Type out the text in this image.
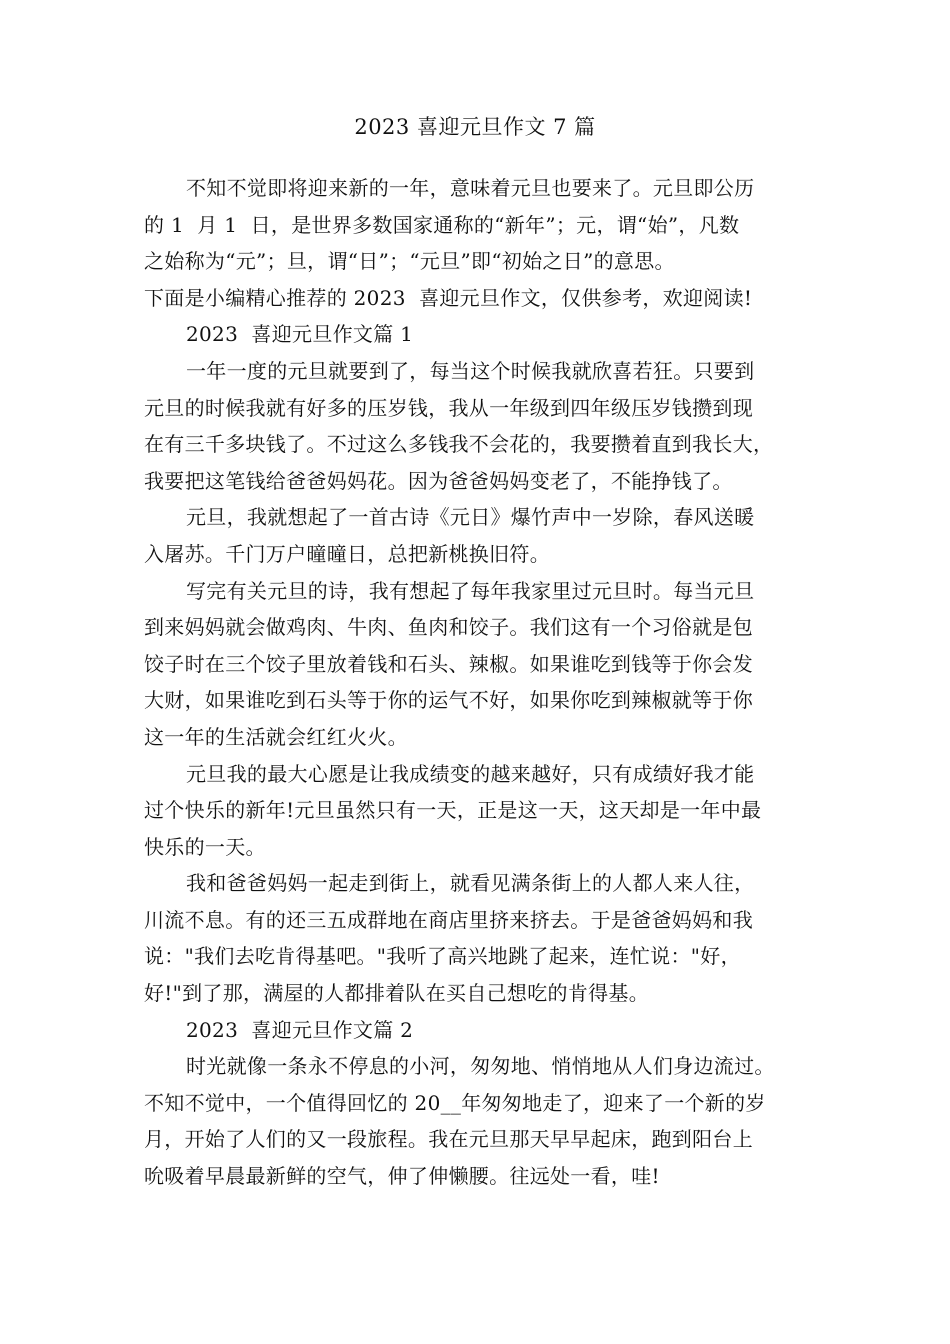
2023 喜迎元旦作文 7 篇
不知不觉即将迎来新的一年，意味着元旦也要来了。元旦即公历
的 1  月 1  日，是世界多数国家通称的“新年”；元，谓“始”，凡数
之始称为“元”；旦，谓“日”；“元旦”即“初始之日”的意思。
下面是小编精心推荐的 2023  喜迎元旦作文，仅供参考，欢迎阅读!
2023  喜迎元旦作文篇 1
一年一度的元旦就要到了，每当这个时候我就欣喜若狂。只要到
元旦的时候我就有好多的压岁钱，我从一年级到四年级压岁钱攒到现
在有三千多块钱了。不过这么多钱我不会花的，我要攒着直到我长大，
我要把这笔钱给爸爸妈妈花。因为爸爸妈妈变老了，不能挣钱了。
元旦，我就想起了一首古诗《元日》爆竹声中一岁除，春风送暖
入屠苏。千门万户曈曈日，总把新桃换旧符。
写完有关元旦的诗，我有想起了每年我家里过元旦时。每当元旦
到来妈妈就会做鸡肉、牛肉、鱼肉和饺子。我们这有一个习俗就是包
饺子时在三个饺子里放着钱和石头、辣椒。如果谁吃到钱等于你会发
大财，如果谁吃到石头等于你的运气不好，如果你吃到辣椒就等于你
这一年的生活就会红红火火。
元旦我的最大心愿是让我成绩变的越来越好，只有成绩好我才能
过个快乐的新年!元旦虽然只有一天，正是这一天，这天却是一年中最
快乐的一天。
我和爸爸妈妈一起走到街上，就看见满条街上的人都人来人往，
川流不息。有的还三五成群地在商店里挤来挤去。于是爸爸妈妈和我
说："我们去吃肯得基吧。"我听了高兴地跳了起来，连忙说："好，
好!"到了那，满屋的人都排着队在买自己想吃的肯得基。
2023  喜迎元旦作文篇 2
时光就像一条永不停息的小河，匆匆地、悄悄地从人们身边流过。
不知不觉中，一个值得回忆的 20__年匆匆地走了，迎来了一个新的岁
月，开始了人们的又一段旅程。我在元旦那天早早起床，跑到阳台上
吮吸着早晨最新鲜的空气，伸了伸懒腰。往远处一看，哇!
